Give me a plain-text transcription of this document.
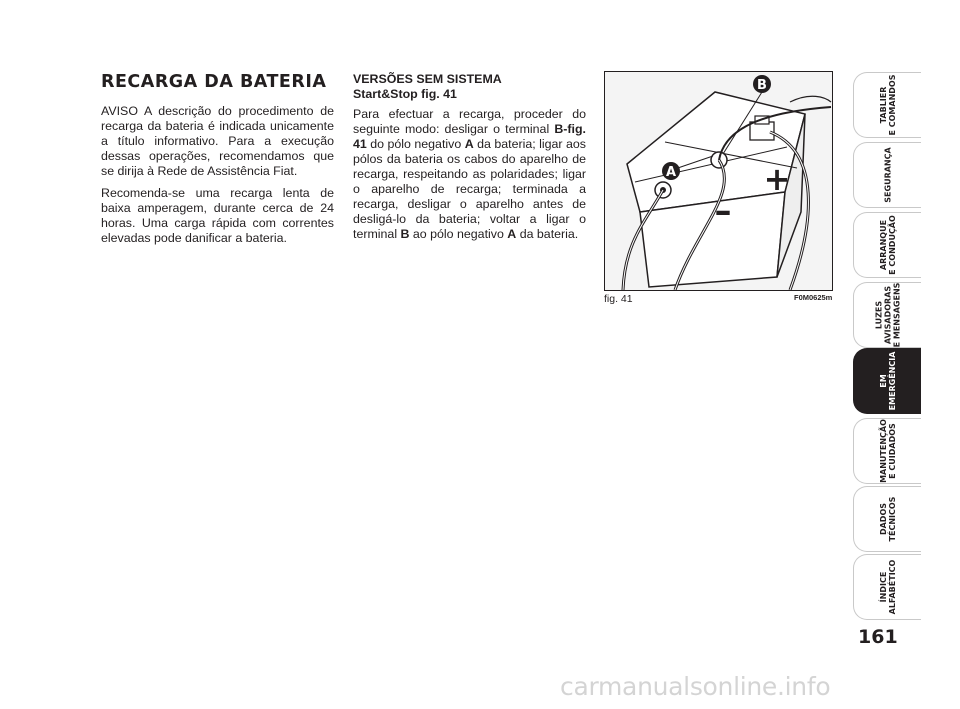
RECARGA DA BATERIA

AVISO A descrição do procedimento de recarga da bateria é indicada unicamente a título informativo. Para a execução dessas operações, recomendamos que se dirija à Rede de Assistência Fiat.

Recomenda-se uma recarga lenta de baixa amperagem, durante cerca de 24 horas. Uma carga rápida com correntes elevadas pode danificar a bateria.

VERSÕES SEM SISTEMA
Start&Stop fig. 41

Para efectuar a recarga, proceder do seguinte modo: desligar o terminal B-fig. 41 do pólo negativo A da bateria; ligar aos pólos da bateria os cabos do aparelho de recarga, respeitando as polaridades; ligar o aparelho de recarga; terminada a recarga, desligar o aparelho antes de desligá-lo da bateria; voltar a ligar o terminal B ao pólo negativo A da bateria.

A
B
+
–
fig. 41	F0M0625m
TABLIER
E COMANDOS
SEGURANÇA
ARRANQUE
E CONDUÇÃO
LUZES
AVISADORAS
E MENSAGENS
EM
EMERGÊNCIA
MANUTENÇÃO
E CUIDADOS
DADOS
TÉCNICOS
ÍNDICE
ALFABÉTICO
161
carmanualsonline.info
